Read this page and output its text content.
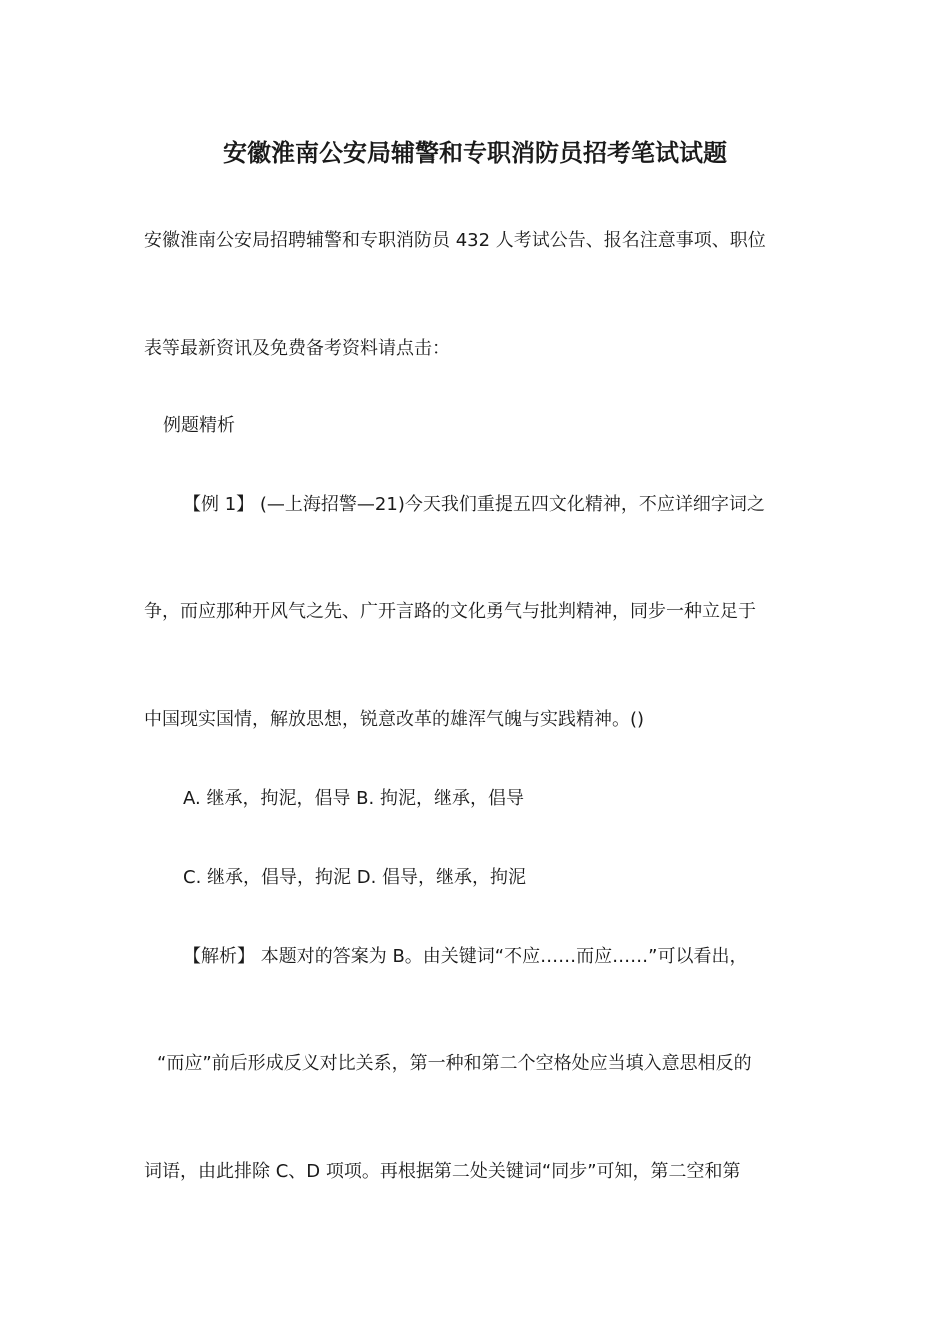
安徽淮南公安局辅警和专职消防员招考笔试试题
安徽淮南公安局招聘辅警和专职消防员 432 人考试公告、报名注意事项、职位
表等最新资讯及免费备考资料请点击：
例题精析
【例 1】 (—上海招警—21)今天我们重提五四文化精神，不应详细字词之
争，而应那种开风气之先、广开言路的文化勇气与批判精神，同步一种立足于
中国现实国情，解放思想，锐意改革的雄浑气魄与实践精神。()
A. 继承，拘泥，倡导 B. 拘泥，继承，倡导
C. 继承，倡导，拘泥 D. 倡导，继承，拘泥
【解析】 本题对的答案为 B。由关键词“不应……而应……”可以看出，
“而应”前后形成反义对比关系，第一种和第二个空格处应当填入意思相反的
词语，由此排除 C、D 项项。再根据第二处关键词“同步”可知，第二空和第
